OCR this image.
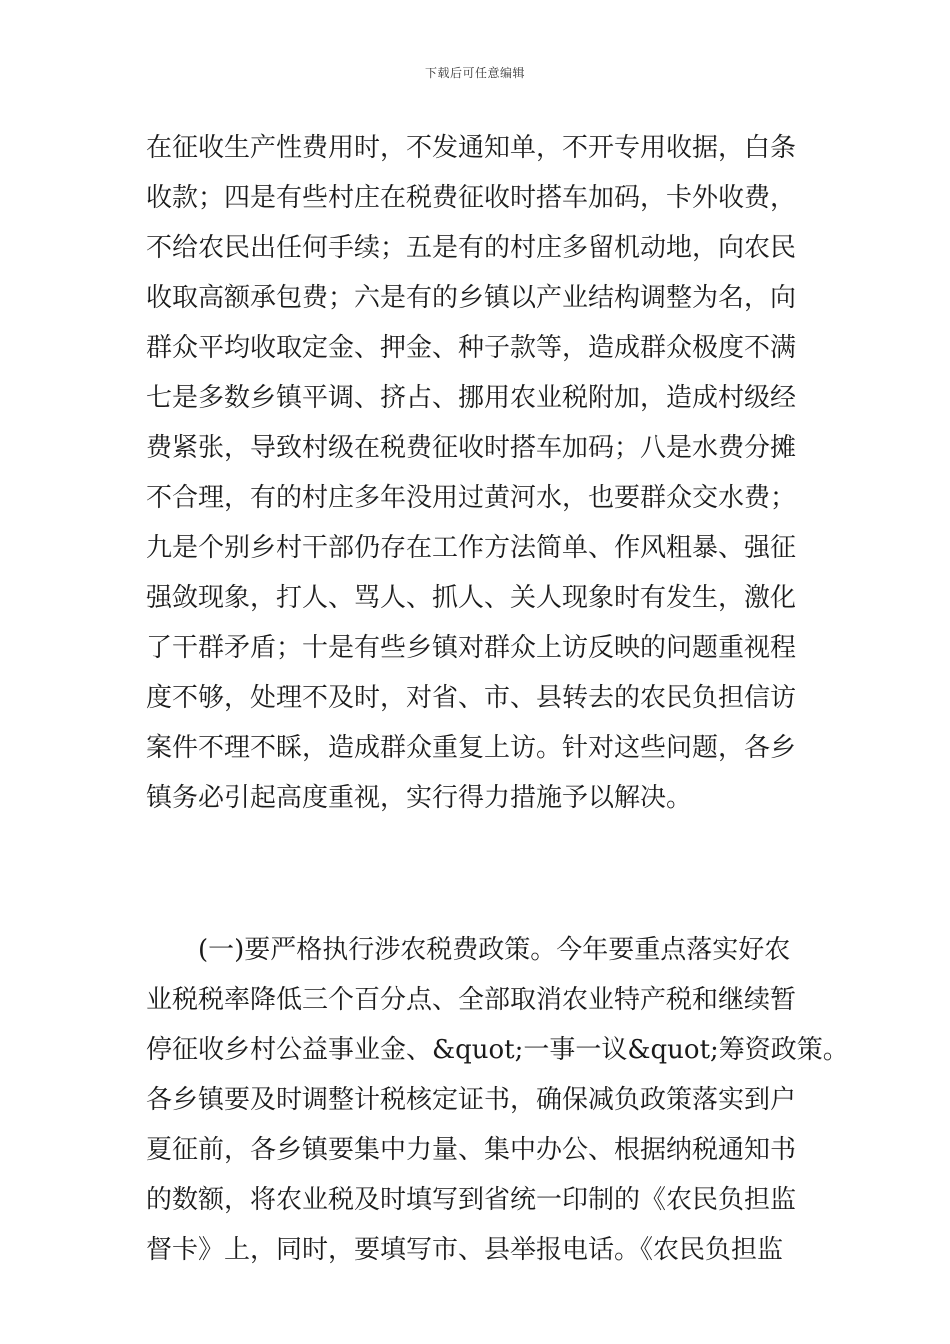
下载后可任意编辑
在征收生产性费用时，不发通知单，不开专用收据，白条
收款；四是有些村庄在税费征收时搭车加码，卡外收费，
不给农民出任何手续；五是有的村庄多留机动地，向农民
收取高额承包费；六是有的乡镇以产业结构调整为名，向
群众平均收取定金、押金、种子款等，造成群众极度不满
七是多数乡镇平调、挤占、挪用农业税附加，造成村级经
费紧张，导致村级在税费征收时搭车加码；八是水费分摊
不合理，有的村庄多年没用过黄河水，也要群众交水费；
九是个别乡村干部仍存在工作方法简单、作风粗暴、强征
强敛现象，打人、骂人、抓人、关人现象时有发生，激化
了干群矛盾；十是有些乡镇对群众上访反映的问题重视程
度不够，处理不及时，对省、市、县转去的农民负担信访
案件不理不睬，造成群众重复上访。针对这些问题，各乡
镇务必引起高度重视，实行得力措施予以解决。
(一)要严格执行涉农税费政策。今年要重点落实好农
业税税率降低三个百分点、全部取消农业特产税和继续暂
停征收乡村公益事业金、&quot;一事一议&quot;筹资政策。
各乡镇要及时调整计税核定证书，确保减负政策落实到户
夏征前，各乡镇要集中力量、集中办公、根据纳税通知书
的数额，将农业税及时填写到省统一印制的《农民负担监
督卡》上，同时，要填写市、县举报电话。《农民负担监
